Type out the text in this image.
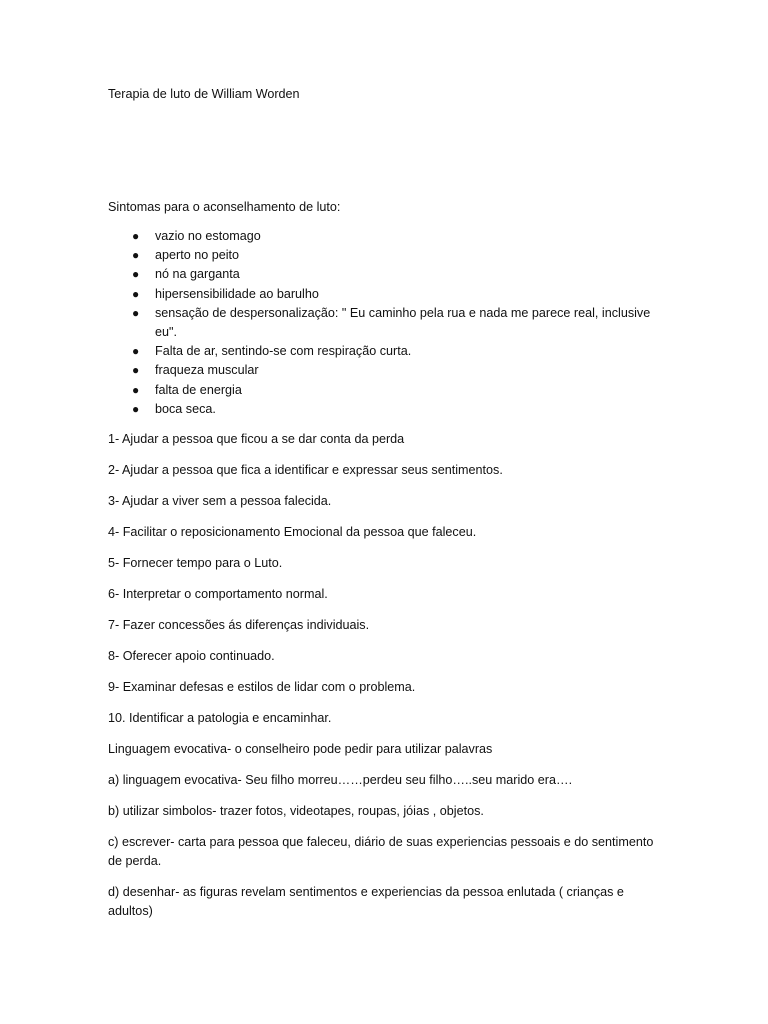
Terapia de luto de William Worden

Sintomas para o aconselhamento de luto:

● vazio no estomago
● aperto no peito
● nó na garganta
● hipersensibilidade ao barulho
● sensação de despersonalização: " Eu caminho pela rua e nada me parece real, inclusive eu".
● Falta de ar, sentindo-se com respiração curta.
● fraqueza muscular
● falta de energia
● boca seca.

1- Ajudar a pessoa que ficou a se dar conta da perda

2- Ajudar a pessoa que fica a identificar e expressar seus sentimentos.

3- Ajudar a viver sem a pessoa falecida.

4- Facilitar o reposicionamento Emocional da pessoa que faleceu.

5- Fornecer tempo para o Luto.

6- Interpretar o comportamento normal.

7- Fazer concessões ás diferenças individuais.

8- Oferecer apoio continuado.

9- Examinar defesas e estilos de lidar com o problema.

10. Identificar a patologia e encaminhar.

Linguagem evocativa- o conselheiro pode pedir para utilizar palavras

a) linguagem evocativa- Seu filho morreu……perdeu seu filho…..seu marido era….

b) utilizar simbolos- trazer fotos, videotapes, roupas, jóias , objetos.

c) escrever- carta para pessoa que faleceu, diário de suas experiencias pessoais e do sentimento de perda.

d) desenhar- as figuras revelam sentimentos e experiencias da pessoa enlutada ( crianças e adultos)
